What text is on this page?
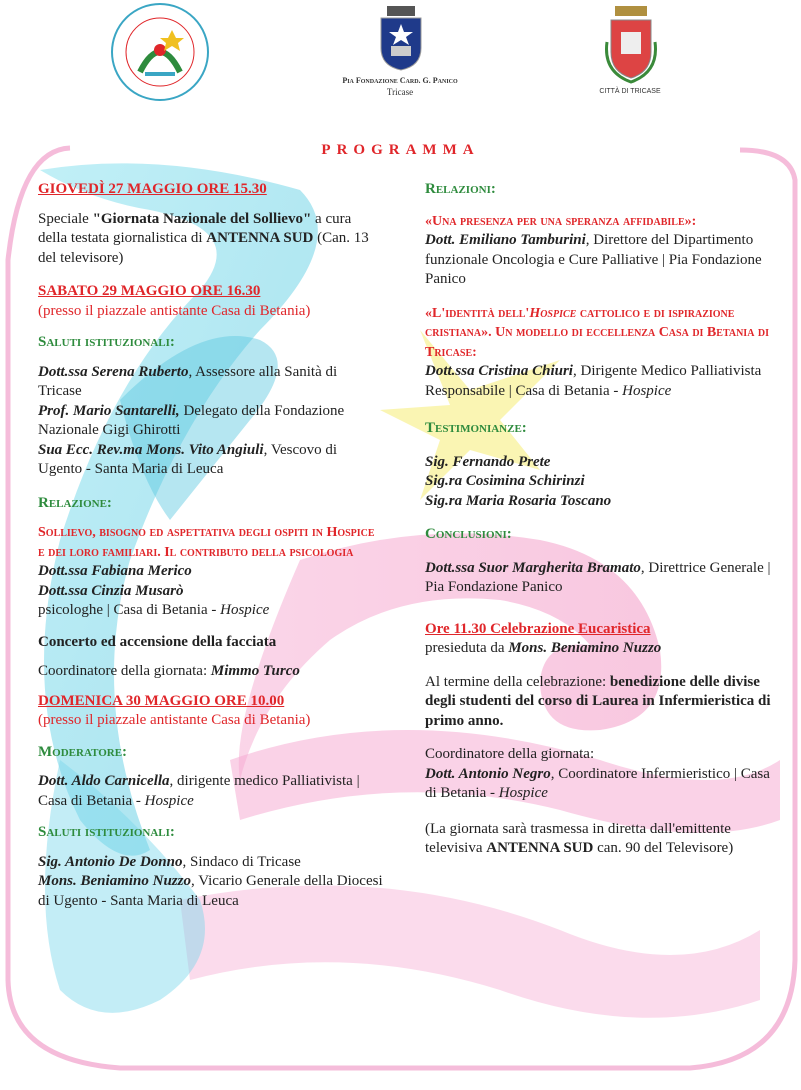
Pia Fondazione Card. G. Panico
Tricase	CITTÀ DI TRICASE
PROGRAMMA

GIOVEDÌ 27 MAGGIO ORE 15.30

Speciale "Giornata Nazionale del Sollievo" a cura della testata giornalistica di ANTENNA SUD (Can. 13 del televisore)

SABATO 29 MAGGIO ORE 16.30

(presso il piazzale antistante Casa di Betania)

Saluti istituzionali:

Dott.ssa Serena Ruberto, Assessore alla Sanità di Tricase

Prof. Mario Santarelli, Delegato della Fondazione Nazionale Gigi Ghirotti

Sua Ecc. Rev.ma Mons. Vito Angiuli, Vescovo di Ugento - Santa Maria di Leuca

Relazione:

Sollievo, bisogno ed aspettativa degli ospiti in Hospice e dei loro familiari. Il contributo della psicologia

Dott.ssa Fabiana Merico

Dott.ssa Cinzia Musarò

psicologhe | Casa di Betania - Hospice

Concerto ed accensione della facciata

Coordinatore della giornata: Mimmo Turco

DOMENICA 30 MAGGIO ORE 10.00

(presso il piazzale antistante Casa di Betania)

Moderatore:

Dott. Aldo Carnicella, dirigente medico Palliativista | Casa di Betania - Hospice

Saluti istituzionali:

Sig. Antonio De Donno, Sindaco di Tricase

Mons. Beniamino Nuzzo, Vicario Generale della Diocesi di Ugento - Santa Maria di Leuca

Relazioni:

«Una presenza per una speranza affidabile»:

Dott. Emiliano Tamburini, Direttore del Dipartimento funzionale Oncologia e Cure Palliative | Pia Fondazione Panico

«L'identità dell'Hospice cattolico e di ispirazione cristiana». Un modello di eccellenza Casa di Betania di Tricase:

Dott.ssa Cristina Chiuri, Dirigente Medico Palliativista Responsabile | Casa di Betania - Hospice

Testimonianze:

Sig. Fernando Prete

Sig.ra Cosimina Schirinzi

Sig.ra Maria Rosaria Toscano

Conclusioni:

Dott.ssa Suor Margherita Bramato, Direttrice Generale | Pia Fondazione Panico

Ore 11.30 Celebrazione Eucaristica

presieduta da Mons. Beniamino Nuzzo

Al termine della celebrazione: benedizione delle divise degli studenti del corso di Laurea in Infermieristica di primo anno.

Coordinatore della giornata:

Dott. Antonio Negro, Coordinatore Infermieristico | Casa di Betania - Hospice

(La giornata sarà trasmessa in diretta dall'emittente televisiva ANTENNA SUD can. 90 del Televisore)
